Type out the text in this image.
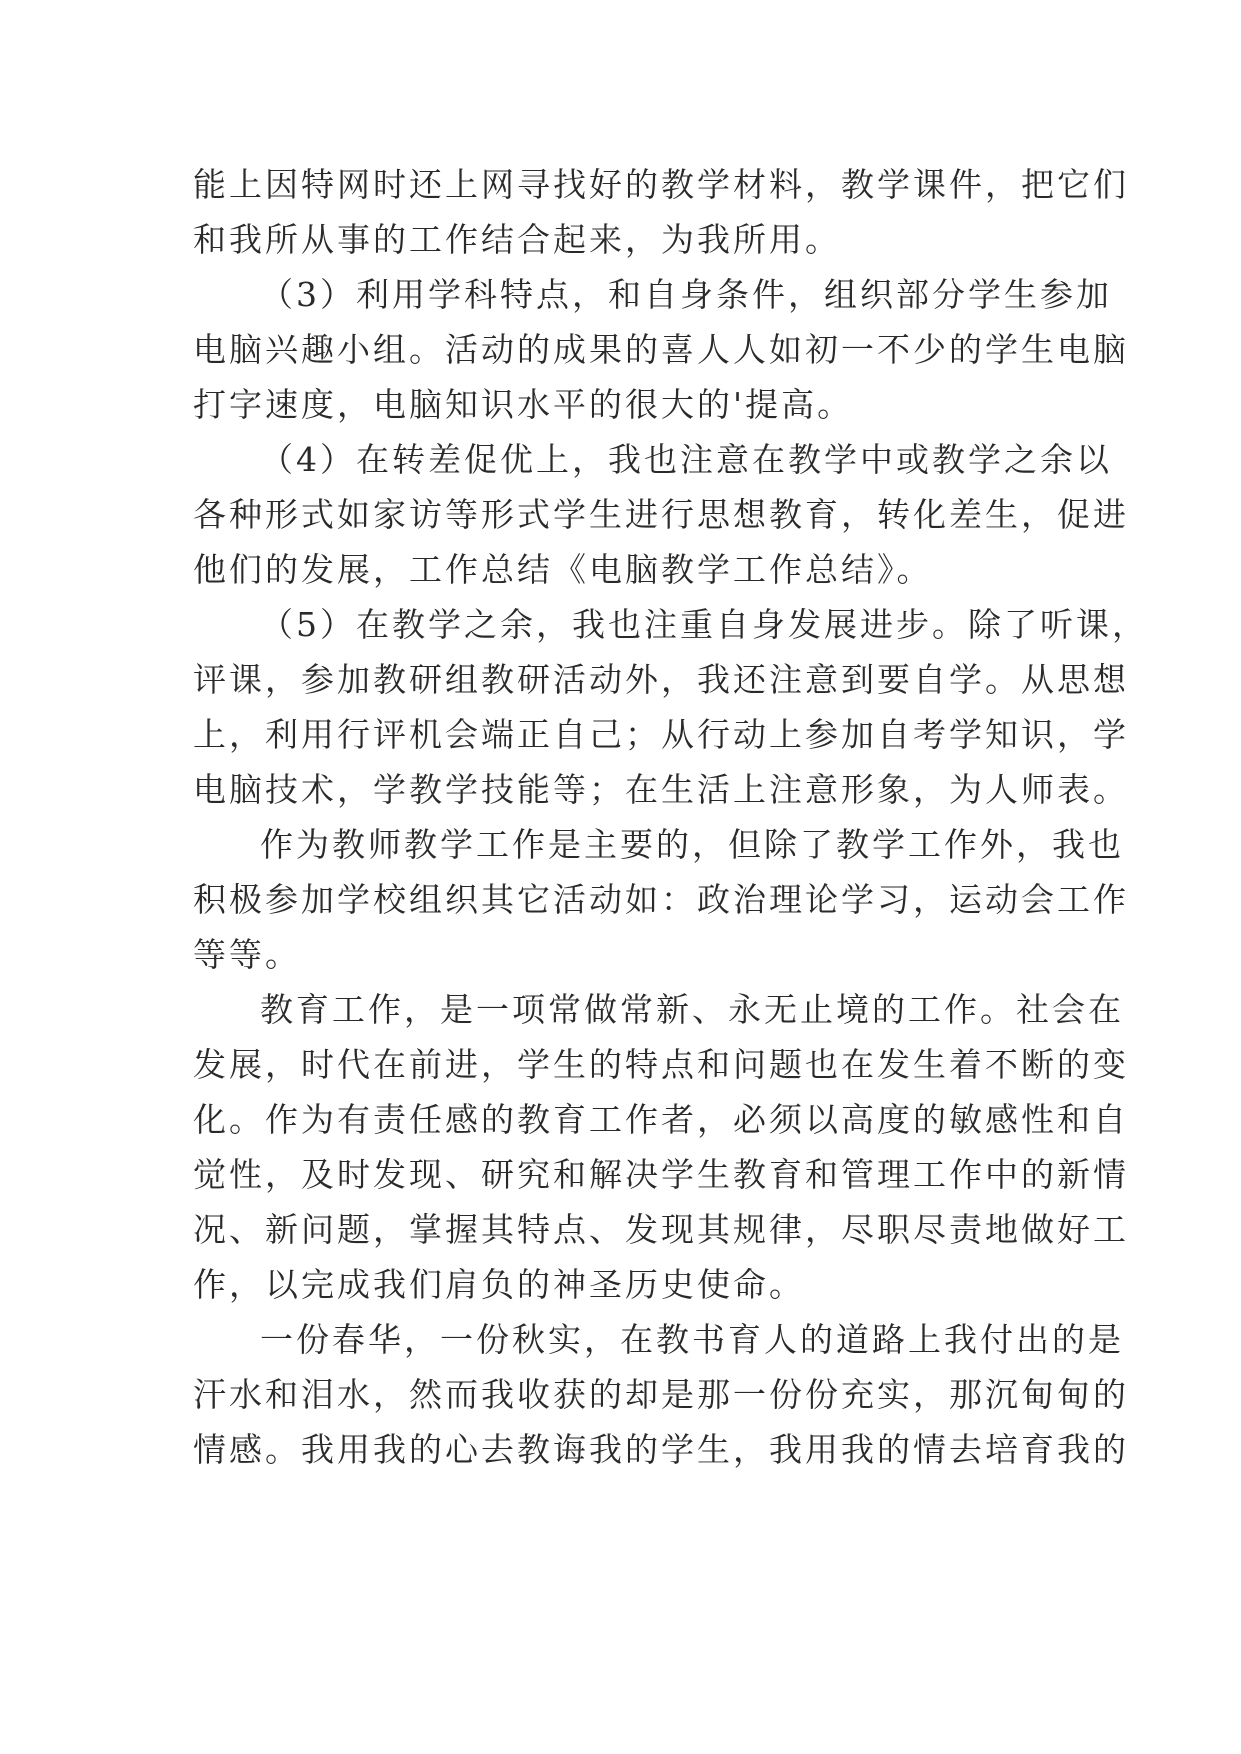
能上因特网时还上网寻找好的教学材料，教学课件，把它们
和我所从事的工作结合起来，为我所用。
（3）利用学科特点，和自身条件，组织部分学生参加
电脑兴趣小组。活动的成果的喜人人如初一不少的学生电脑
打字速度，电脑知识水平的很大的'提高。
（4）在转差促优上，我也注意在教学中或教学之余以
各种形式如家访等形式学生进行思想教育，转化差生，促进
他们的发展，工作总结《电脑教学工作总结》。
（5）在教学之余，我也注重自身发展进步。除了听课，
评课，参加教研组教研活动外，我还注意到要自学。从思想
上，利用行评机会端正自己；从行动上参加自考学知识，学
电脑技术，学教学技能等；在生活上注意形象，为人师表。
作为教师教学工作是主要的，但除了教学工作外，我也
积极参加学校组织其它活动如：政治理论学习，运动会工作
等等。
教育工作，是一项常做常新、永无止境的工作。社会在
发展，时代在前进，学生的特点和问题也在发生着不断的变
化。作为有责任感的教育工作者，必须以高度的敏感性和自
觉性，及时发现、研究和解决学生教育和管理工作中的新情
况、新问题，掌握其特点、发现其规律，尽职尽责地做好工
作，以完成我们肩负的神圣历史使命。
一份春华，一份秋实，在教书育人的道路上我付出的是
汗水和泪水，然而我收获的却是那一份份充实，那沉甸甸的
情感。我用我的心去教诲我的学生，我用我的情去培育我的
